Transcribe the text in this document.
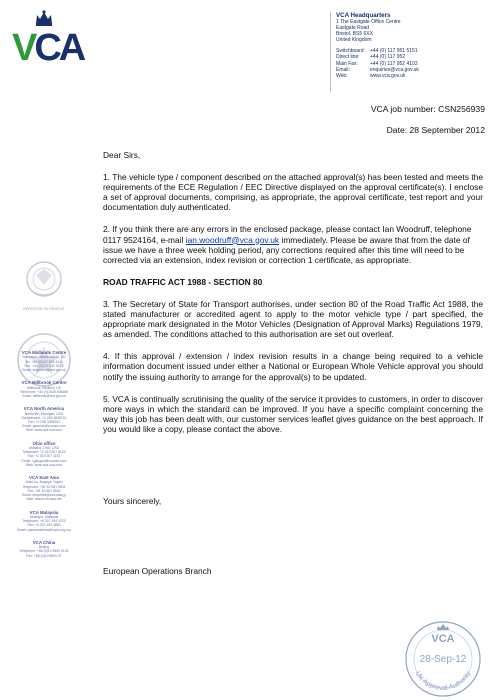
VCA
VCA Headquarters
1 The Eastgate Office Centre
Eastgate Road
Bristol, BS5 6XX
United Kingdom
Switchboard:	+44 (0) 117 951 5151
Direct line:	+44 (0) 117 952
Main Fax:	+44 (0) 117 952 4103
Email:	enquiries@vca.gov.uk
Web:	www.vca.gov.uk
VCA job number: CSN256939
Date: 28 September 2012
INVESTOR IN PEOPLE
VCA Midlands Centre
Nuneaton, Warwickshire, UK
Tel: +44 (0)247 632 4141
Fax: +44 (0)247 632 9278
Email: enquiries@vca.gov.uk
VCA Millbrook Centre
Millbrook, Bedford, UK
Telephone: +44 (0)1525 408466
Email: millbrook@vca.gov.uk
VCA North America
Northville, Michigan, USA
Switchboard: +1 248 4635151
Fax: +1 248 3499281
Email: general@vcausa.com
Web: www.vca-usa.com
Ohio office
Ashland, Ohio, USA
Telephone: +1 419 207 8122
Fax: +1 419 207 1151
Email: i.gaugan@vcausa.com
Web: www.vca-usa.com
VCA East Asia
Nishi-ku, Nagoya, Japan
Telephone: +81 52 681 9831
Fax: +81 52 681 9832
Email: enquiries@vca-asia.jp
Web: www.vca-asia.net
VCA Malaysia
Selangor, Malaysia
Telephone: +6 037 494 0223
Fax: +6 037 494 4863
Email: pauleamielina@mpm.org.my
VCA China
Beijing
Telephone: +86 (0)10 8500 9125
Fax: +86 (0)10 8500 97

Dear Sirs,

1. The vehicle type / component described on the attached approval(s) has been tested and meets the requirements of the ECE Regulation / EEC Directive displayed on the approval certificate(s). I enclose a set of approval documents, comprising, as appropriate, the approval certificate, test report and your documentation duly authenticated.

2. If you think there are any errors in the enclosed package, please contact Ian Woodruff, telephone 0117 9524164, e-mail ian.woodruff@vca.gov.uk immediately. Please be aware that from the date of issue we have a three week holding period, any corrections required after this time will need to be corrected via an extension, index revision or correction 1 certificate, as appropriate.

ROAD TRAFFIC ACT 1988 - SECTION 80

3. The Secretary of State for Transport authorises, under section 80 of the Road Traffic Act 1988, the stated manufacturer or accredited agent to apply to the motor vehicle type / part specified, the appropriate mark designated in the Motor Vehicles (Designation of Approval Marks) Regulations 1979, as amended. The conditions attached to this authorisation are set out overleaf.

4. If this approval / extension / index revision results in a change being required to a vehicle information document issued under either a National or European Whole Vehicle approval you should notify the issuing authority to arrange for the approval(s) to be updated.

5. VCA is continually scrutinising the quality of the service it provides to customers, in order to discover more ways in which the standard can be improved. If you have a specific complaint concerning the way this job has been dealt with, our customer services leaflet gives guidance on the best approach. If you would like a copy, please contact the above.

Yours sincerely,
European Operations Branch
VCA
28-Sep-12
UK Approval Authority
